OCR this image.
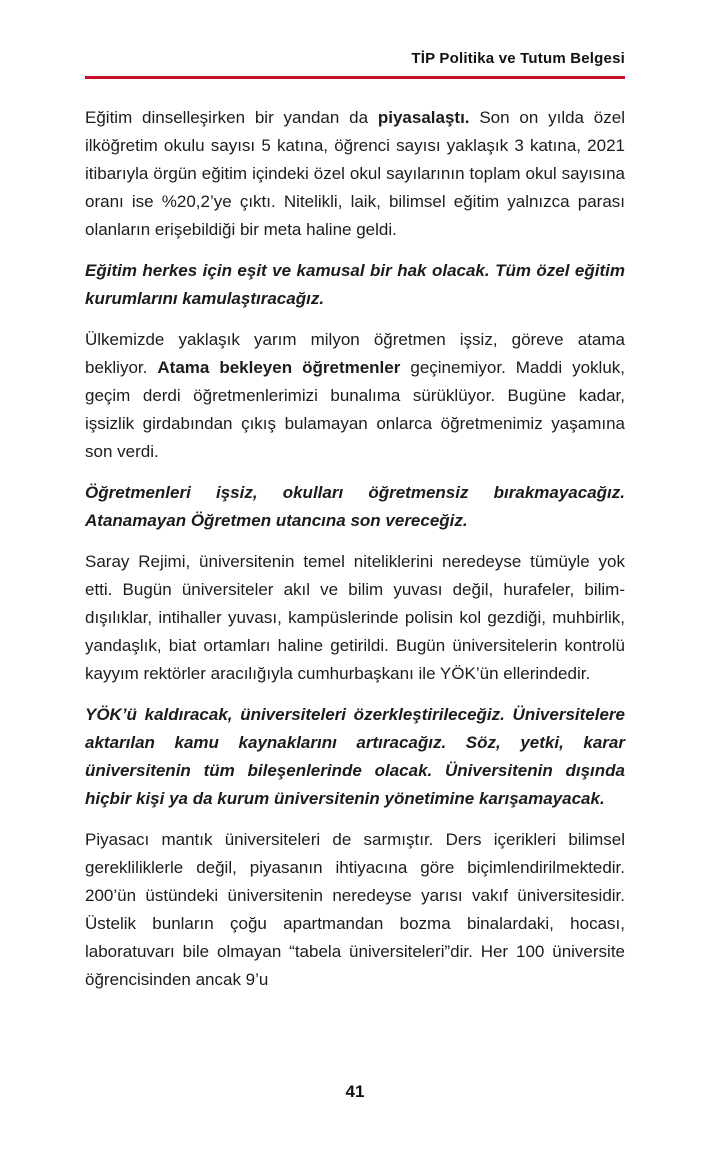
TİP Politika ve Tutum Belgesi

Eğitim dinselleşirken bir yandan da piyasalaştı. Son on yılda özel ilköğretim okulu sayısı 5 katına, öğrenci sayısı yaklaşık 3 katına, 2021 itibarıyla örgün eğitim içindeki özel okul sayılarının toplam okul sayısına oranı ise %20,2’ye çıktı. Nitelikli, laik, bilimsel eğitim yalnızca parası olanların erişebildiği bir meta haline geldi.

Eğitim herkes için eşit ve kamusal bir hak olacak. Tüm özel eğitim kurumlarını kamulaştıracağız.

Ülkemizde yaklaşık yarım milyon öğretmen işsiz, göreve atama bekliyor. Atama bekleyen öğretmenler geçinemiyor. Maddi yokluk, geçim derdi öğretmenlerimizi bunalıma sürüklüyor. Bugüne kadar, işsizlik girdabından çıkış bulamayan onlarca öğretmenimiz yaşamına son verdi.

Öğretmenleri işsiz, okulları öğretmensiz bırakmayacağız. Atanamayan Öğretmen utancına son vereceğiz.

Saray Rejimi, üniversitenin temel niteliklerini neredeyse tümüyle yok etti. Bugün üniversiteler akıl ve bilim yuvası değil, hurafeler, bilim-dışılıklar, intihaller yuvası, kampüslerinde polisin kol gezdiği, muhbirlik, yandaşlık, biat ortamları haline getirildi. Bugün üniversitelerin kontrolü kayyım rektörler aracılığıyla cumhurbaşkanı ile YÖK’ün ellerindedir.

YÖK’ü kaldıracak, üniversiteleri özerkleştirileceğiz. Üniversitelere aktarılan kamu kaynaklarını artıracağız. Söz, yetki, karar üniversitenin tüm bileşenlerinde olacak. Üniversitenin dışında hiçbir kişi ya da kurum üniversitenin yönetimine karışamayacak.

Piyasacı mantık üniversiteleri de sarmıştır. Ders içerikleri bilimsel gerekliliklerle değil, piyasanın ihtiyacına göre biçimlendirilmektedir. 200’ün üstündeki üniversitenin neredeyse yarısı vakıf üniversitesidir. Üstelik bunların çoğu apartmandan bozma binalardaki, hocası, laboratuvarı bile olmayan “tabela üniversiteleri”dir. Her 100 üniversite öğrencisinden ancak 9’u

41
